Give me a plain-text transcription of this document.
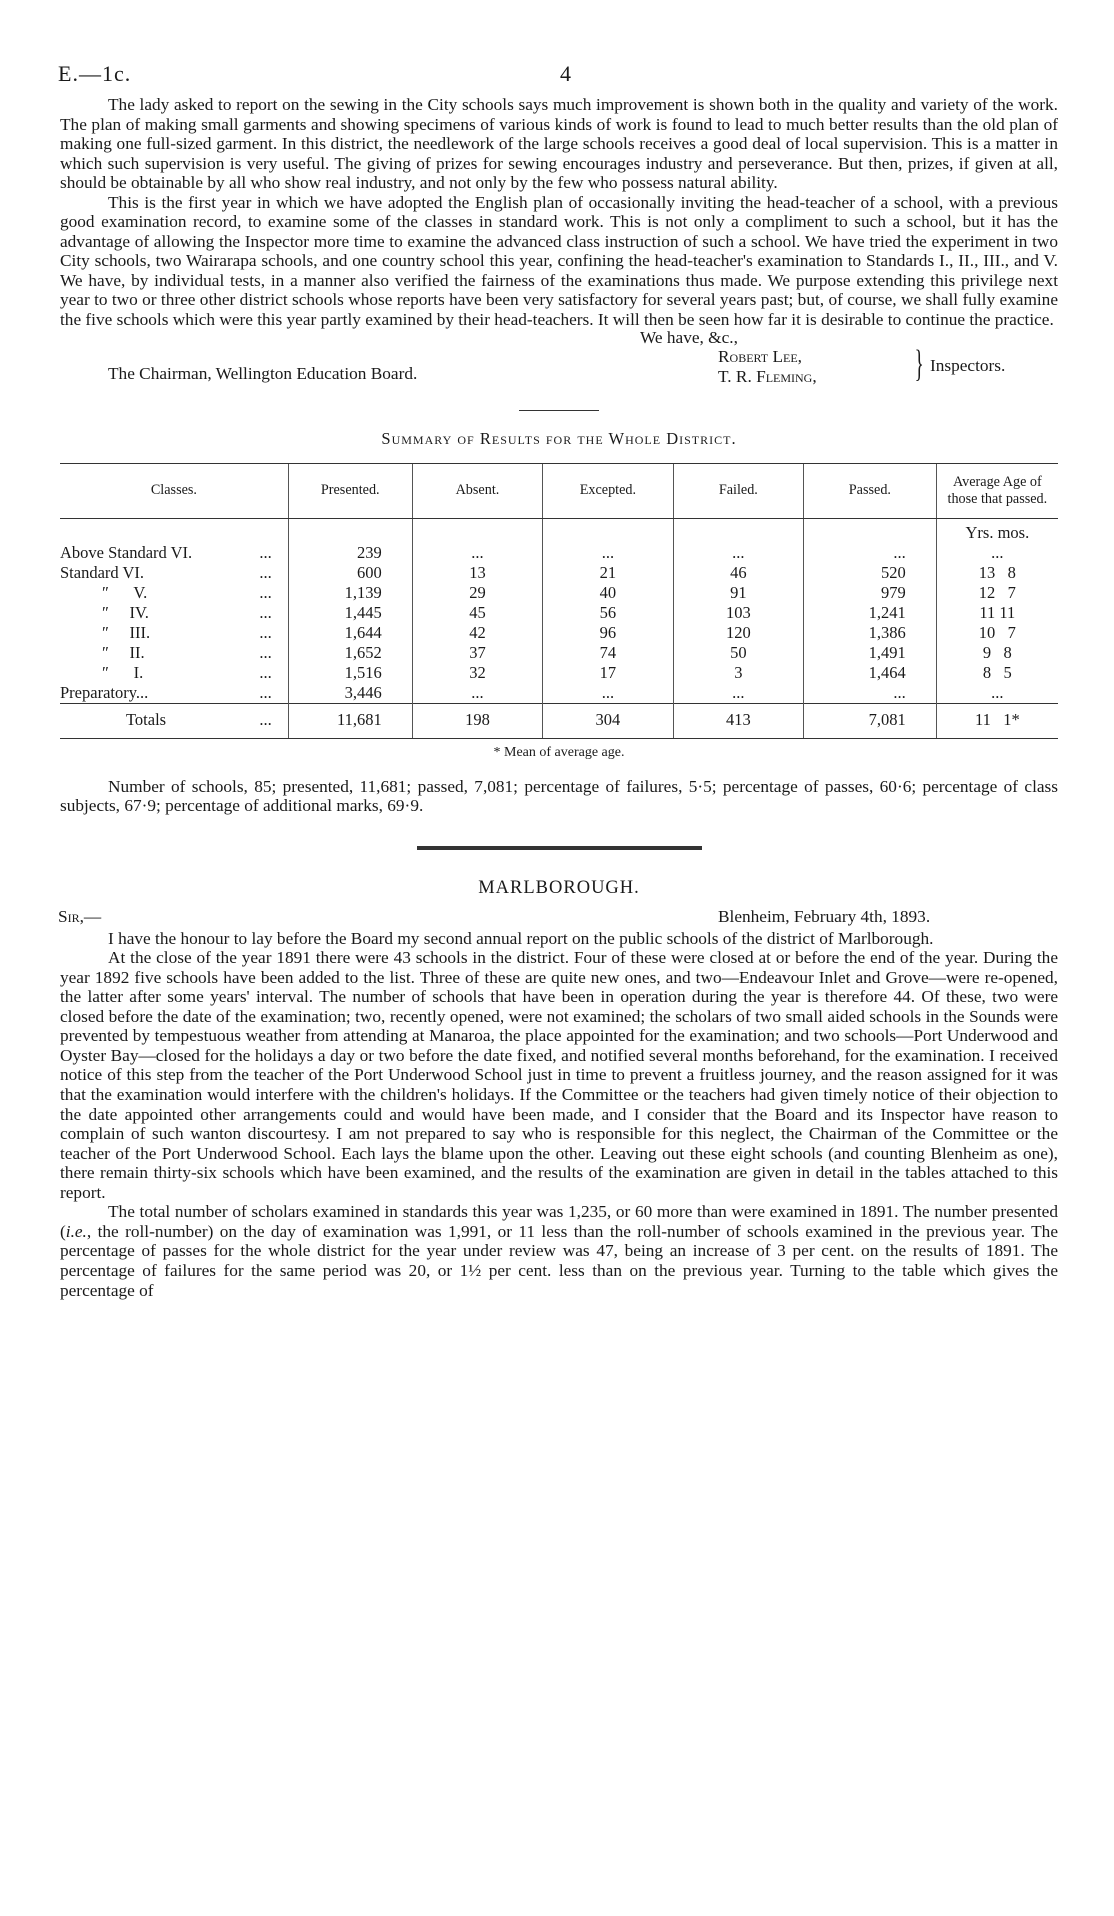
E.—1c.	4

The lady asked to report on the sewing in the City schools says much improvement is shown both in the quality and variety of the work. The plan of making small garments and showing specimens of various kinds of work is found to lead to much better results than the old plan of making one full-sized garment. In this district, the needlework of the large schools receives a good deal of local supervision. This is a matter in which such supervision is very useful. The giving of prizes for sewing encourages industry and perseverance. But then, prizes, if given at all, should be obtainable by all who show real industry, and not only by the few who possess natural ability.

This is the first year in which we have adopted the English plan of occasionally inviting the head-teacher of a school, with a previous good examination record, to examine some of the classes in standard work. This is not only a compliment to such a school, but it has the advantage of allowing the Inspector more time to examine the advanced class instruction of such a school. We have tried the experiment in two City schools, two Wairarapa schools, and one country school this year, confining the head-teacher's examination to Standards I., II., III., and V. We have, by individual tests, in a manner also verified the fairness of the examinations thus made. We purpose extending this privilege next year to two or three other district schools whose reports have been very satisfactory for several years past; but, of course, we shall fully examine the five schools which were this year partly examined by their head-teachers. It will then be seen how far it is desirable to continue the practice.

We have, &c.,
The Chairman, Wellington Education Board.
Robert Lee,
T. R. Fleming,	} Inspectors.
Summary of Results for the Whole District.
Classes.	Presented.	Absent.	Excepted.	Failed.	Passed.	Average Age of those that passed.
						Yrs. mos.
Above Standard VI. ...	239	...	...	...	...	...
Standard VI. ...	600	13	21	46	520	13   8
″      V. ...	1,139	29	40	91	979	12   7
″     IV. ...	1,445	45	56	103	1,241	11 11
″     III. ...	1,644	42	96	120	1,386	10   7
″     II. ...	1,652	37	74	50	1,491	9   8
″      I. ...	1,516	32	17	3	1,464	8   5
Preparatory... ...	3,446	...	...	...	...	...
Totals ...	11,681	198	304	413	7,081	11   1*
* Mean of average age.

Number of schools, 85; presented, 11,681; passed, 7,081; percentage of failures, 5·5; percentage of passes, 60·6; percentage of class subjects, 67·9; percentage of additional marks, 69·9.

MARLBOROUGH.
Sir,—	Blenheim, February 4th, 1893.

I have the honour to lay before the Board my second annual report on the public schools of the district of Marlborough.

At the close of the year 1891 there were 43 schools in the district. Four of these were closed at or before the end of the year. During the year 1892 five schools have been added to the list. Three of these are quite new ones, and two—Endeavour Inlet and Grove—were re-opened, the latter after some years' interval. The number of schools that have been in operation during the year is therefore 44. Of these, two were closed before the date of the examination; two, recently opened, were not examined; the scholars of two small aided schools in the Sounds were prevented by tempestuous weather from attending at Manaroa, the place appointed for the examination; and two schools—Port Underwood and Oyster Bay—closed for the holidays a day or two before the date fixed, and notified several months beforehand, for the examination. I received notice of this step from the teacher of the Port Underwood School just in time to prevent a fruitless journey, and the reason assigned for it was that the examination would interfere with the children's holidays. If the Committee or the teachers had given timely notice of their objection to the date appointed other arrangements could and would have been made, and I consider that the Board and its Inspector have reason to complain of such wanton discourtesy. I am not prepared to say who is responsible for this neglect, the Chairman of the Committee or the teacher of the Port Underwood School. Each lays the blame upon the other. Leaving out these eight schools (and counting Blenheim as one), there remain thirty-six schools which have been examined, and the results of the examination are given in detail in the tables attached to this report.

The total number of scholars examined in standards this year was 1,235, or 60 more than were examined in 1891. The number presented (i.e., the roll-number) on the day of examination was 1,991, or 11 less than the roll-number of schools examined in the previous year. The percentage of passes for the whole district for the year under review was 47, being an increase of 3 per cent. on the results of 1891. The percentage of failures for the same period was 20, or 1½ per cent. less than on the previous year. Turning to the table which gives the percentage of
